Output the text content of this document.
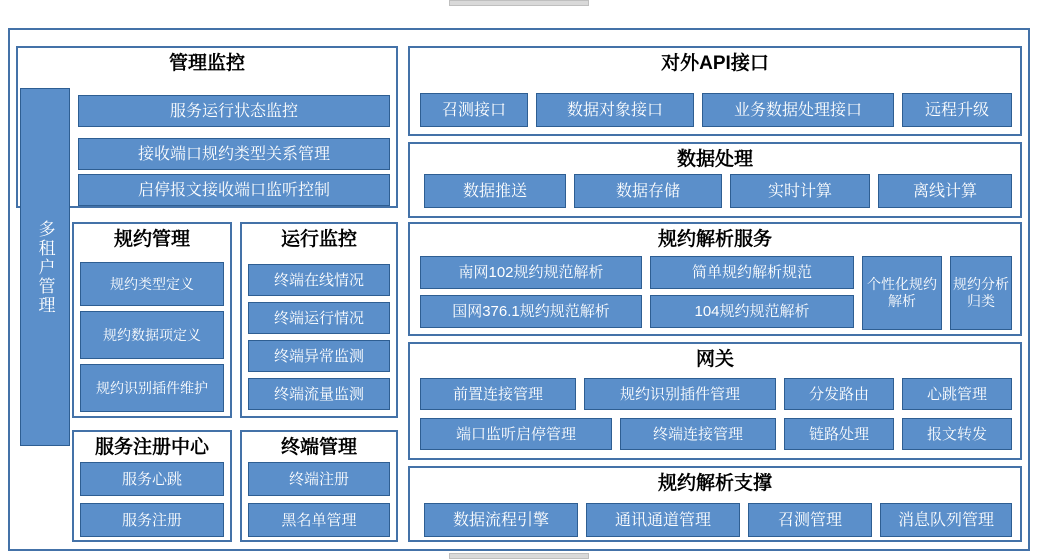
管理监控
服务运行状态监控
接收端口规约类型关系管理
启停报文接收端口监听控制
多租户管理	规约管理
规约类型定义
规约数据项定义
规约识别插件维护
运行监控
终端在线情况
终端运行情况
终端异常监测
终端流量监测
服务注册中心
服务心跳
服务注册
终端管理
终端注册
黑名单管理
对外API接口
召测接口	数据对象接口	业务数据处理接口	远程升级
数据处理
数据推送	数据存储	实时计算	离线计算
规约解析服务
南网102规约规范解析	简单规约解析规范
个性化规约解析
国网376.1规约规范解析	104规约规范解析
规约分析归类
网关
前置连接管理	规约识别插件管理	分发路由	心跳管理
端口监听启停管理	终端连接管理	链路处理	报文转发
规约解析支撑
数据流程引擎	通讯通道管理	召测管理	消息队列管理
